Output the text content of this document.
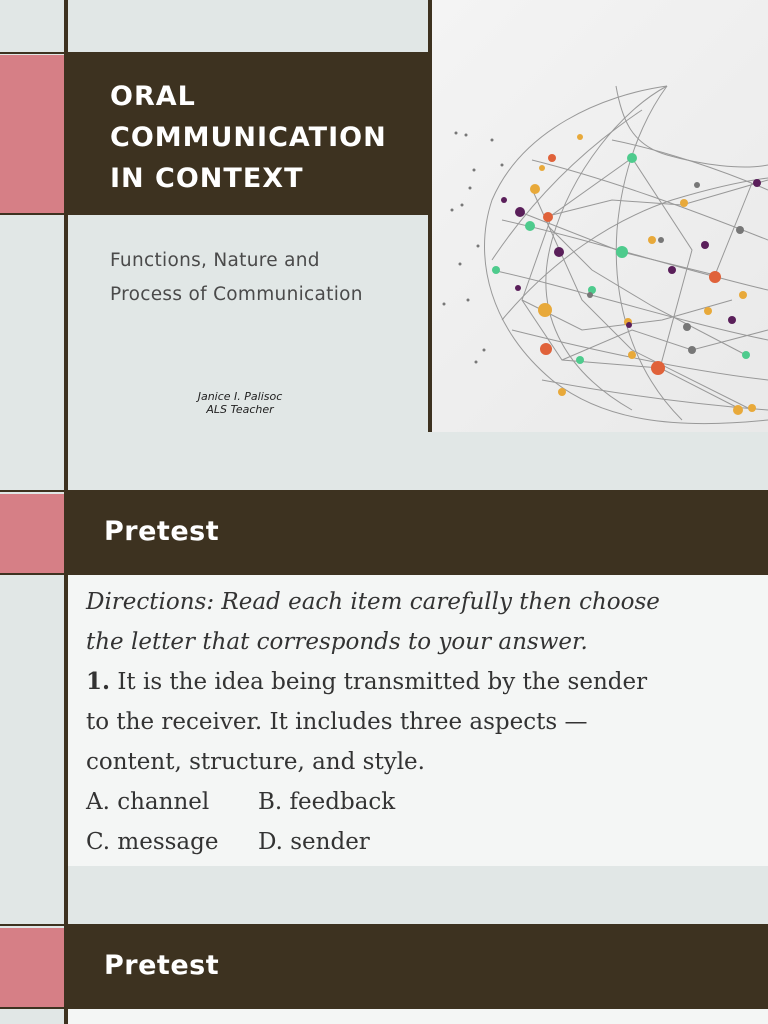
ORAL
COMMUNICATION
IN CONTEXT
Functions, Nature and
Process of Communication
Janice I. Palisoc
ALS Teacher
Pretest

Directions: Read each item carefully then choose

the letter that corresponds to your answer.

1. It is the idea being transmitted by the sender

to the receiver. It includes three aspects —

content, structure, and style.

A. channel B. feedback

C. message D. sender

Pretest
